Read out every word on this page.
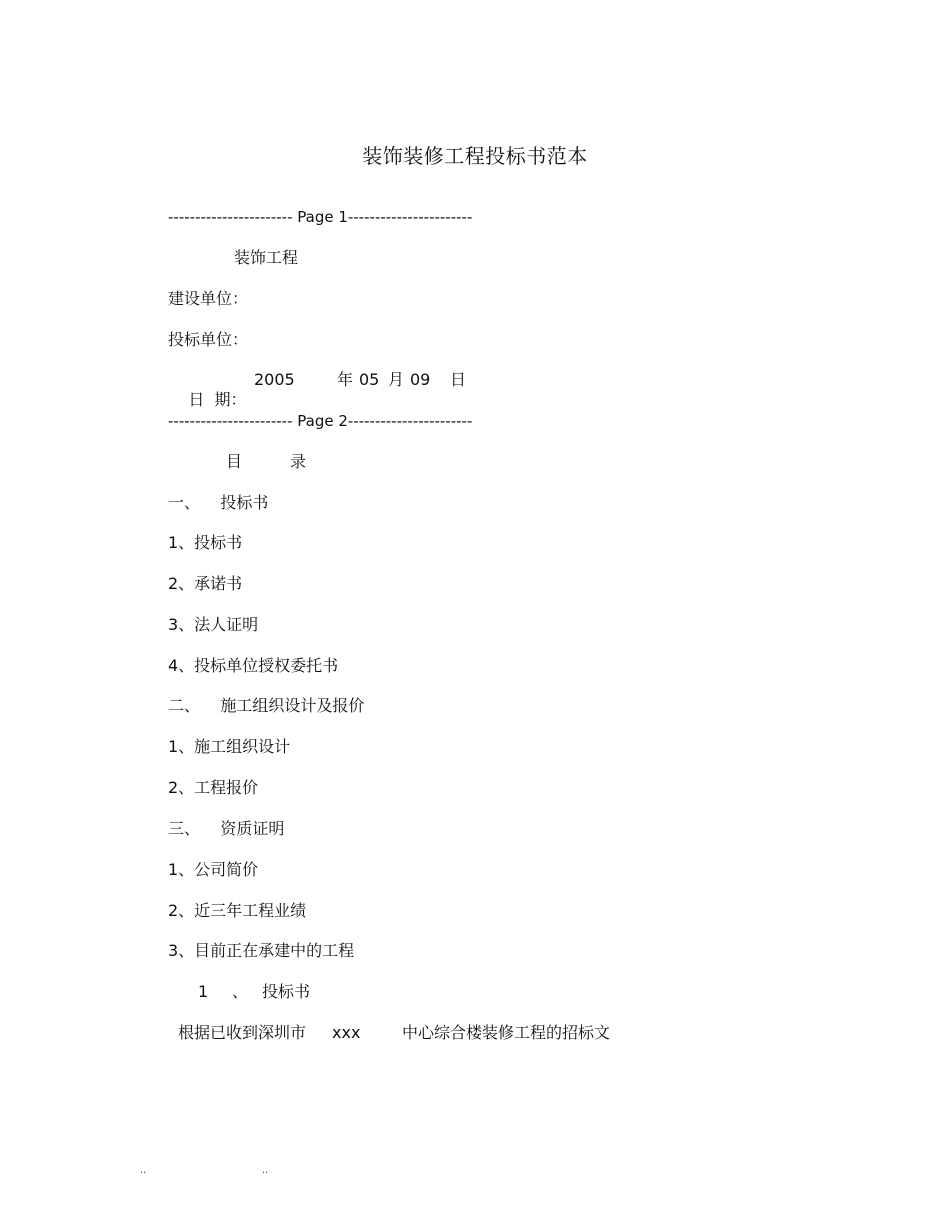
装饰装修工程投标书范本
----------------------- Page 1-----------------------
装饰工程
建设单位：
投标单位：

日  期：

2005	年 05 月 09 日
----------------------- Page 2-----------------------
目	录
一、    投标书
1、投标书
2、承诺书
3、法人证明
4、投标单位授权委托书
二、    施工组织设计及报价
1、施工组织设计
2、工程报价
三、    资质证明
1、公司简价
2、近三年工程业绩
3、目前正在承建中的工程
1 、 投标书
根据已收到深圳市 xxx	中心综合楼装修工程的招标文
..	..
